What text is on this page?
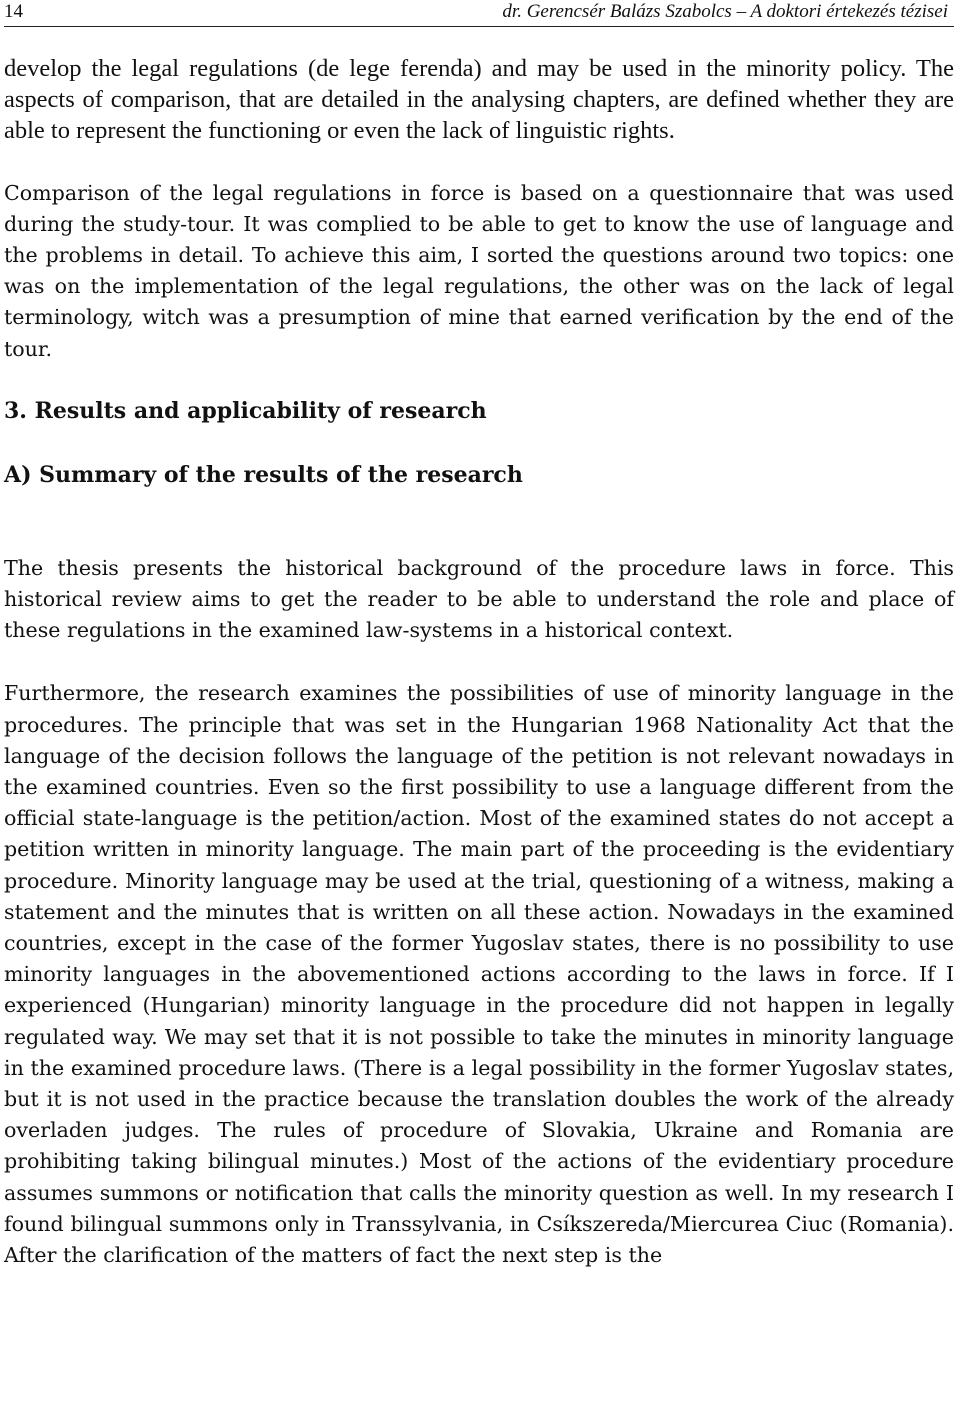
14	dr. Gerencsér Balázs Szabolcs – A doktori értekezés tézisei

develop the legal regulations (de lege ferenda) and may be used in the minority policy. The aspects of comparison, that are detailed in the analysing chapters, are defined whether they are able to represent the functioning or even the lack of linguistic rights.

Comparison of the legal regulations in force is based on a questionnaire that was used during the study-tour. It was complied to be able to get to know the use of language and the problems in detail. To achieve this aim, I sorted the questions around two topics: one was on the implementation of the legal regulations, the other was on the lack of legal terminology, witch was a presumption of mine that earned verification by the end of the tour.

3. Results and applicability of research
A) Summary of the results of the research

The thesis presents the historical background of the procedure laws in force. This historical review aims to get the reader to be able to understand the role and place of these regulations in the examined law-systems in a historical context.

Furthermore, the research examines the possibilities of use of minority language in the procedures. The principle that was set in the Hungarian 1968 Nationality Act that the language of the decision follows the language of the petition is not relevant nowadays in the examined countries. Even so the first possibility to use a language different from the official state-language is the petition/action. Most of the examined states do not accept a petition written in minority language. The main part of the proceeding is the evidentiary procedure. Minority language may be used at the trial, questioning of a witness, making a statement and the minutes that is written on all these action. Nowadays in the examined countries, except in the case of the former Yugoslav states, there is no possibility to use minority languages in the abovementioned actions according to the laws in force. If I experienced (Hungarian) minority language in the procedure did not happen in legally regulated way. We may set that it is not possible to take the minutes in minority language in the examined procedure laws. (There is a legal possibility in the former Yugoslav states, but it is not used in the practice because the translation doubles the work of the already overladen judges. The rules of procedure of Slovakia, Ukraine and Romania are prohibiting taking bilingual minutes.) Most of the actions of the evidentiary procedure assumes summons or notification that calls the minority question as well. In my research I found bilingual summons only in Transsylvania, in Csíkszereda/Miercurea Ciuc (Romania). After the clarification of the matters of fact the next step is the
